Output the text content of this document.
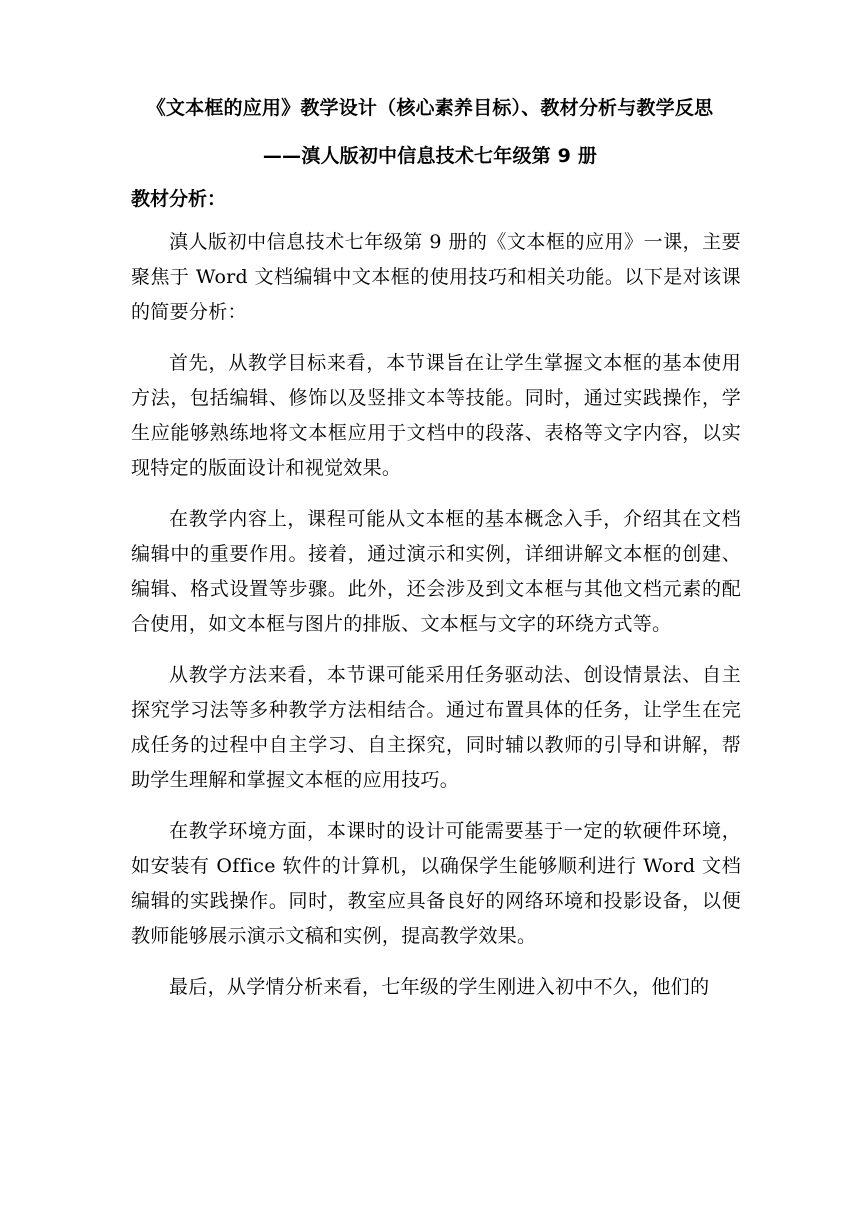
《文本框的应用》教学设计（核心素养目标）、教材分析与教学反思
——滇人版初中信息技术七年级第 9 册
教材分析：

滇人版初中信息技术七年级第 9 册的《文本框的应用》一课，主要聚焦于 Word 文档编辑中文本框的使用技巧和相关功能。以下是对该课的简要分析：

首先，从教学目标来看，本节课旨在让学生掌握文本框的基本使用方法，包括编辑、修饰以及竖排文本等技能。同时，通过实践操作，学生应能够熟练地将文本框应用于文档中的段落、表格等文字内容，以实现特定的版面设计和视觉效果。

在教学内容上，课程可能从文本框的基本概念入手，介绍其在文档编辑中的重要作用。接着，通过演示和实例，详细讲解文本框的创建、编辑、格式设置等步骤。此外，还会涉及到文本框与其他文档元素的配合使用，如文本框与图片的排版、文本框与文字的环绕方式等。

从教学方法来看，本节课可能采用任务驱动法、创设情景法、自主探究学习法等多种教学方法相结合。通过布置具体的任务，让学生在完成任务的过程中自主学习、自主探究，同时辅以教师的引导和讲解，帮助学生理解和掌握文本框的应用技巧。

在教学环境方面，本课时的设计可能需要基于一定的软硬件环境，如安装有 Office 软件的计算机，以确保学生能够顺利进行 Word 文档编辑的实践操作。同时，教室应具备良好的网络环境和投影设备，以便教师能够展示演示文稿和实例，提高教学效果。

最后，从学情分析来看，七年级的学生刚进入初中不久，他们的
